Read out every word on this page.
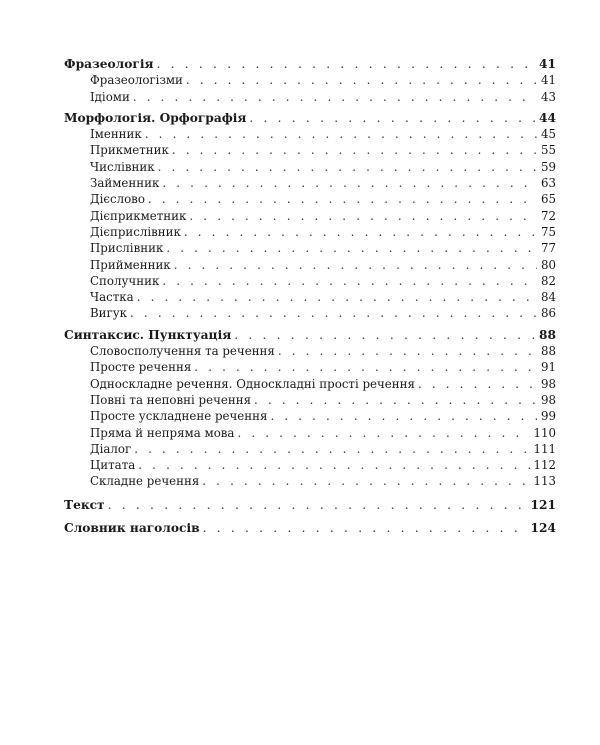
Фразеологія . . .	41
Фразеологізми . . .	41
Ідіоми . . .	43
Морфологія. Орфографія . . .	44
Іменник . . .	45
Прикметник . . .	55
Числівник . . .	59
Займенник . . .	63
Дієслово . . .	65
Дієприкметник . . .	72
Дієприслівник . . .	75
Прислівник . . .	77
Прийменник . . .	80
Сполучник . . .	82
Частка . . .	84
Вигук . . .	86
Синтаксис. Пунктуація . . .	88
Словосполучення та речення . . .	88
Просте речення . . .	91
Односкладне речення. Односкладні прості речення . . .	98
Повні та неповні речення . . .	98
Просте ускладнене речення . . .	99
Пряма й непряма мова . . .	110
Діалог . . .	111
Цитата . . .	112
Складне речення . . .	113
Текст . . .	121
Словник наголосів . . .	124
